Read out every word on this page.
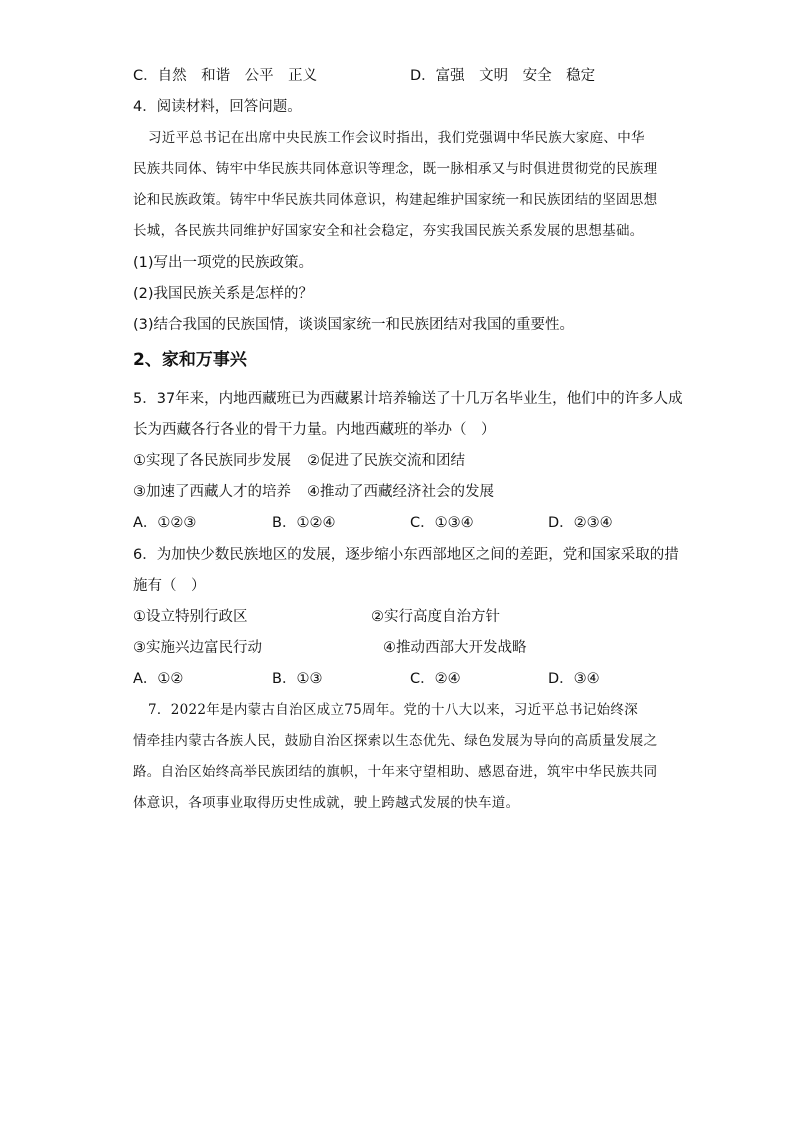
C．自然　和谐　公平　正义	D．富强　文明　安全　稳定
4．阅读材料，回答问题。
习近平总书记在出席中央民族工作会议时指出，我们党强调中华民族大家庭、中华
民族共同体、铸牢中华民族共同体意识等理念，既一脉相承又与时俱进贯彻党的民族理
论和民族政策。铸牢中华民族共同体意识，构建起维护国家统一和民族团结的坚固思想
长城，各民族共同维护好国家安全和社会稳定，夯实我国民族关系发展的思想基础。
(1)写出一项党的民族政策。
(2)我国民族关系是怎样的？
(3)结合我国的民族国情，谈谈国家统一和民族团结对我国的重要性。
2、家和万事兴
5．37年来，内地西藏班已为西藏累计培养输送了十几万名毕业生，他们中的许多人成
长为西藏各行各业的骨干力量。内地西藏班的举办（　）
①实现了各民族同步发展 ②促进了民族交流和团结
③加速了西藏人才的培养 ④推动了西藏经济社会的发展
A．①②③	B．①②④	C．①③④	D．②③④
6．为加快少数民族地区的发展，逐步缩小东西部地区之间的差距，党和国家采取的措
施有（　）
①设立特别行政区	②实行高度自治方针
③实施兴边富民行动	④推动西部大开发战略
A．①②	B．①③	C．②④	D．③④
7．2022年是内蒙古自治区成立75周年。党的十八大以来，习近平总书记始终深
情牵挂内蒙古各族人民，鼓励自治区探索以生态优先、绿色发展为导向的高质量发展之
路。自治区始终高举民族团结的旗帜，十年来守望相助、感恩奋进，筑牢中华民族共同
体意识，各项事业取得历史性成就，驶上跨越式发展的快车道。
